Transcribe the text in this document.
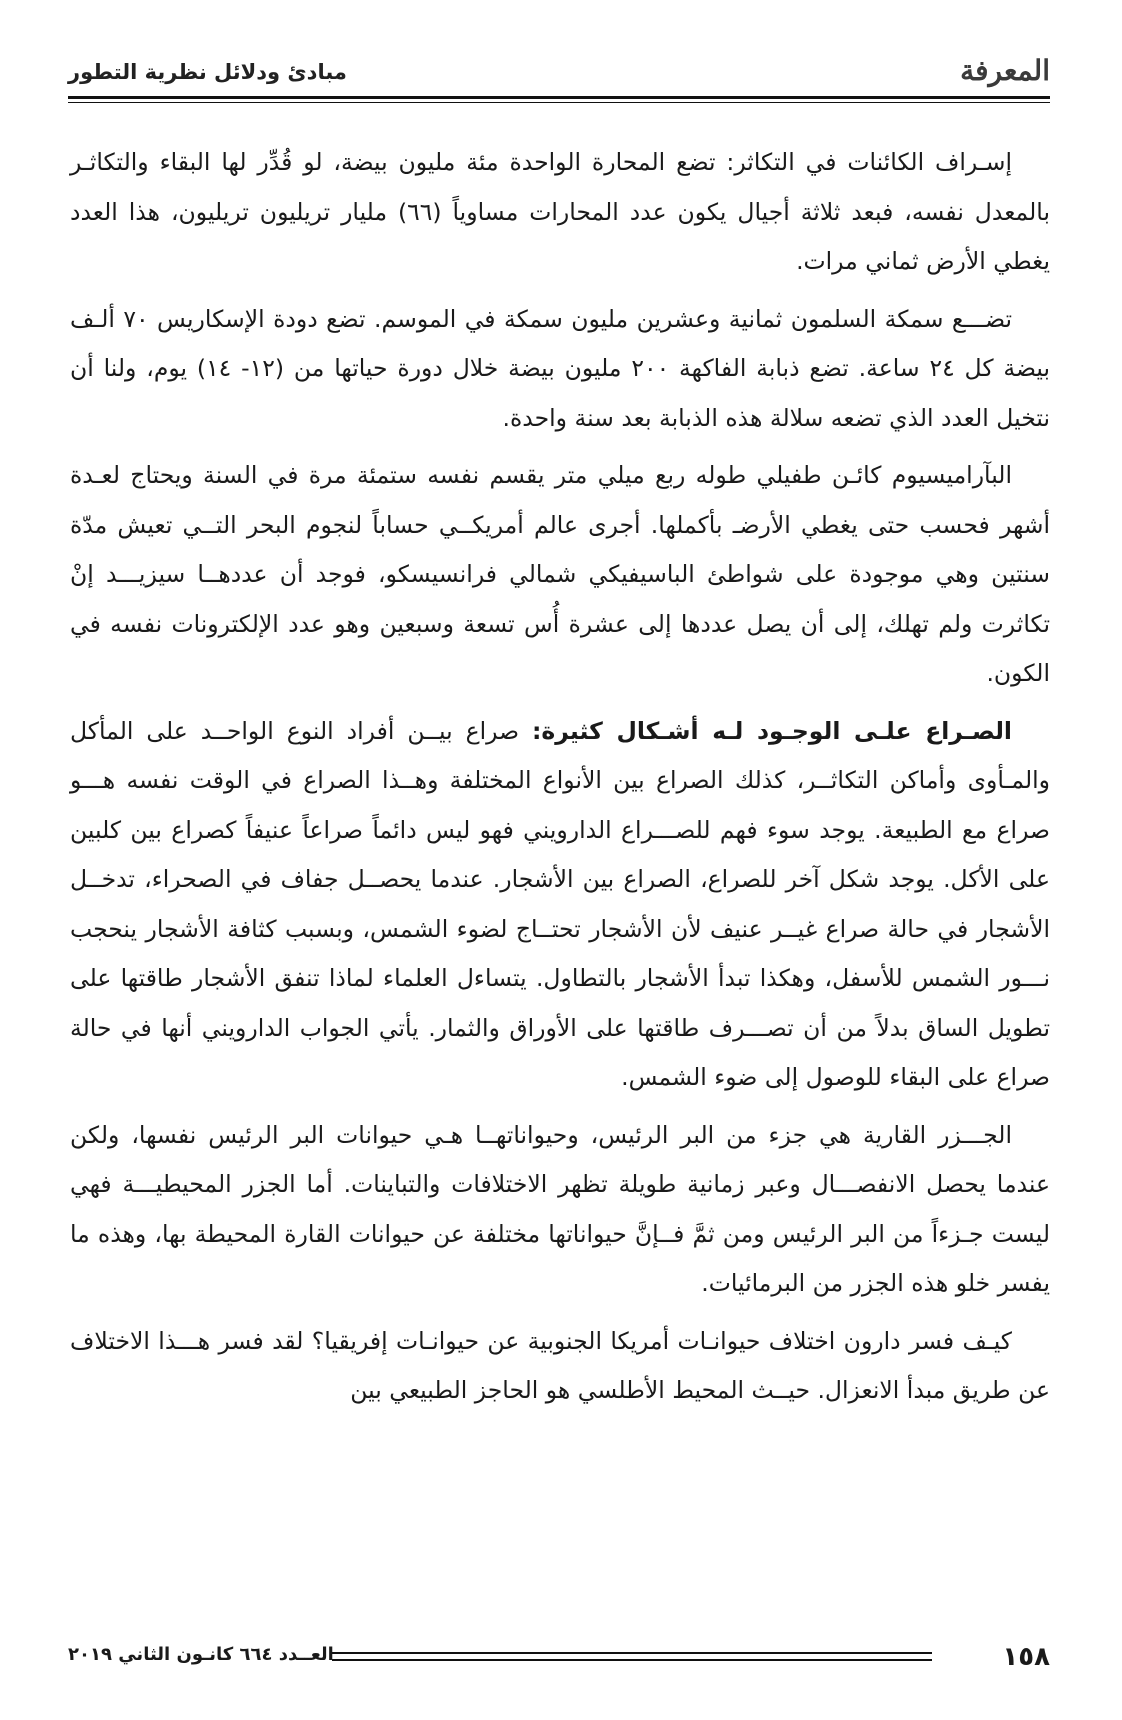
المعرفة
مبادئ ودلائل نظرية التطور

إسـراف الكائنات في التكاثر: تضع المحارة الواحدة مئة مليون بيضة، لو قُدِّر لها البقاء والتكاثـر بالمعدل نفسه، فبعد ثلاثة أجيال يكون عدد المحارات مساوياً (٦٦) مليار تريليون تريليون، هذا العدد يغطي الأرض ثماني مرات.

تضـــع سمكة السلمون ثمانية وعشرين مليون سمكة في الموسم. تضع دودة الإسكاريس ٧٠ ألـف بيضة كل ٢٤ ساعة. تضع ذبابة الفاكهة ٢٠٠ مليون بيضة خلال دورة حياتها من (١٢- ١٤) يوم، ولنا أن نتخيل العدد الذي تضعه سلالة هذه الذبابة بعد سنة واحدة.

البآراميسيوم كائـن طفيلي طوله ربع ميلي متر يقسم نفسه ستمئة مرة في السنة ويحتاج لعـدة أشهر فحسب حتى يغطي الأرضـ بأكملها. أجرى عالم أمريكــي حساباً لنجوم البحر التــي تعيش مدّة سنتين وهي موجودة على شواطئ الباسيفيكي شمالي فرانسيسكو، فوجد أن عددهــا سيزيـــد إنْ تكاثرت ولم تهلك، إلى أن يصل عددها إلى عشرة أُس تسعة وسبعين وهو عدد الإلكترونات نفسه في الكون.

الصـراع علـى الوجـود لـه أشـكال كثيرة: صراع بيــن أفراد النوع الواحــد على المأكل والمـأوى وأماكن التكاثــر، كذلك الصراع بين الأنواع المختلفة وهــذا الصراع في الوقت نفسه هـــو صراع مع الطبيعة. يوجد سوء فهم للصـــراع الدارويني فهو ليس دائماً صراعاً عنيفاً كصراع بين كلبين على الأكل. يوجد شكل آخر للصراع، الصراع بين الأشجار. عندما يحصــل جفاف في الصحراء، تدخــل الأشجار في حالة صراع غيــر عنيف لأن الأشجار تحتــاج لضوء الشمس، وبسبب كثافة الأشجار ينحجب نـــور الشمس للأسفل، وهكذا تبدأ الأشجار بالتطاول. يتساءل العلماء لماذا تنفق الأشجار طاقتها على تطويل الساق بدلاً من أن تصـــرف طاقتها على الأوراق والثمار. يأتي الجواب الدارويني أنها في حالة صراع على البقاء للوصول إلى ضوء الشمس.

الجـــزر القارية هي جزء من البر الرئيس، وحيواناتهــا هـي حيوانات البر الرئيس نفسها، ولكن عندما يحصل الانفصـــال وعبر زمانية طويلة تظهر الاختلافات والتباينات. أما الجزر المحيطيـــة فهي ليست جـزءاً من البر الرئيس ومن ثمَّ فــإنَّ حيواناتها مختلفة عن حيوانات القارة المحيطة بها، وهذه ما يفسر خلو هذه الجزر من البرمائيات.

كيـف فسر دارون اختلاف حيوانـات أمريكا الجنوبية عن حيوانـات إفريقيا؟ لقد فسر هـــذا الاختلاف عن طريق مبدأ الانعزال. حيــث المحيط الأطلسي هو الحاجز الطبيعي بين

١٥٨
العــدد ٦٦٤ كانـون الثاني ٢٠١٩
